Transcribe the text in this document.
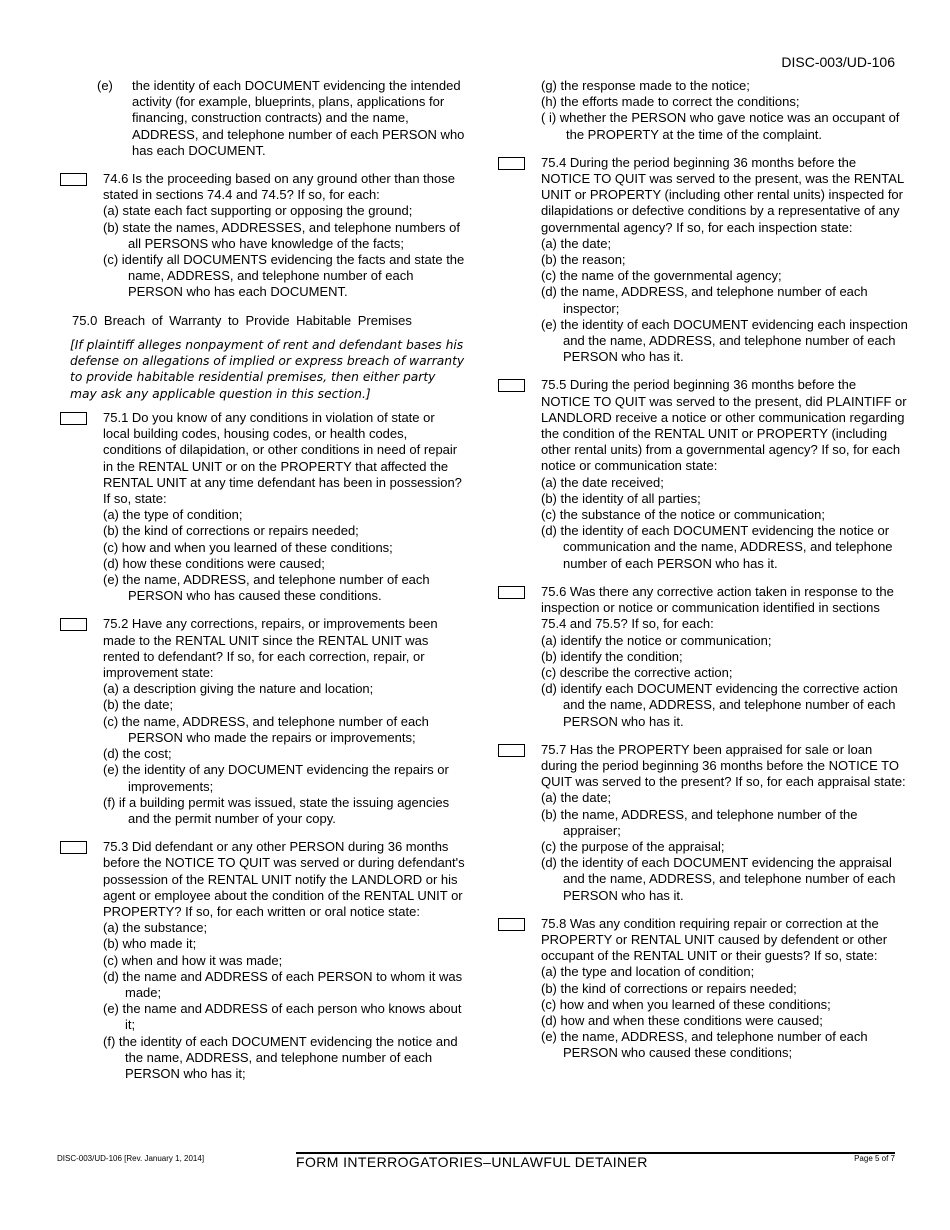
DISC-003/UD-106

(e) the identity of each DOCUMENT evidencing the intended activity (for example, blueprints, plans, applications for financing, construction contracts) and the name, ADDRESS, and telephone number of each PERSON who has each DOCUMENT.

74.6 Is the proceeding based on any ground other than those stated in sections 74.4 and 74.5? If so, for each:

(a) state each fact supporting or opposing the ground;

(b) state the names, ADDRESSES, and telephone numbers of all PERSONS who have knowledge of the facts;

(c) identify all DOCUMENTS evidencing the facts and state the name, ADDRESS, and telephone number of each PERSON who has each DOCUMENT.

75.0 Breach of Warranty to Provide Habitable Premises

[If plaintiff alleges nonpayment of rent and defendant bases his defense on allegations of implied or express breach of warranty to provide habitable residential premises, then either party may ask any applicable question in this section.]

75.1 Do you know of any conditions in violation of state or local building codes, housing codes, or health codes, conditions of dilapidation, or other conditions in need of repair in the RENTAL UNIT or on the PROPERTY that affected the RENTAL UNIT at any time defendant has been in possession? If so, state:

(a) the type of condition;

(b) the kind of corrections or repairs needed;

(c) how and when you learned of these conditions;

(d) how these conditions were caused;

(e) the name, ADDRESS, and telephone number of each PERSON who has caused these conditions.

75.2 Have any corrections, repairs, or improvements been made to the RENTAL UNIT since the RENTAL UNIT was rented to defendant? If so, for each correction, repair, or improvement state:

(a) a description giving the nature and location;

(b) the date;

(c) the name, ADDRESS, and telephone number of each PERSON who made the repairs or improvements;

(d) the cost;

(e) the identity of any DOCUMENT evidencing the repairs or improvements;

(f) if a building permit was issued, state the issuing agencies and the permit number of your copy.

75.3 Did defendant or any other PERSON during 36 months before the NOTICE TO QUIT was served or during defendant's possession of the RENTAL UNIT notify the LANDLORD or his agent or employee about the condition of the RENTAL UNIT or PROPERTY? If so, for each written or oral notice state:

(a) the substance;

(b) who made it;

(c) when and how it was made;

(d) the name and ADDRESS of each PERSON to whom it was made;

(e) the name and ADDRESS of each person who knows about it;

(f) the identity of each DOCUMENT evidencing the notice and the name, ADDRESS, and telephone number of each PERSON who has it;

(g) the response made to the notice;

(h) the efforts made to correct the conditions;

( i) whether the PERSON who gave notice was an occupant of the PROPERTY at the time of the complaint.

75.4 During the period beginning 36 months before the NOTICE TO QUIT was served to the present, was the RENTAL UNIT or PROPERTY (including other rental units) inspected for dilapidations or defective conditions by a representative of any governmental agency? If so, for each inspection state:

(a) the date;

(b) the reason;

(c) the name of the governmental agency;

(d) the name, ADDRESS, and telephone number of each inspector;

(e) the identity of each DOCUMENT evidencing each inspection and the name, ADDRESS, and telephone number of each PERSON who has it.

75.5 During the period beginning 36 months before the NOTICE TO QUIT was served to the present, did PLAINTIFF or LANDLORD receive a notice or other communication regarding the condition of the RENTAL UNIT or PROPERTY (including other rental units) from a governmental agency? If so, for each notice or communication state:

(a) the date received;

(b) the identity of all parties;

(c) the substance of the notice or communication;

(d) the identity of each DOCUMENT evidencing the notice or communication and the name, ADDRESS, and telephone number of each PERSON who has it.

75.6 Was there any corrective action taken in response to the inspection or notice or communication identified in sections 75.4 and 75.5? If so, for each:

(a) identify the notice or communication;

(b) identify the condition;

(c) describe the corrective action;

(d) identify each DOCUMENT evidencing the corrective action and the name, ADDRESS, and telephone number of each PERSON who has it.

75.7 Has the PROPERTY been appraised for sale or loan during the period beginning 36 months before the NOTICE TO QUIT was served to the present? If so, for each appraisal state:

(a) the date;

(b) the name, ADDRESS, and telephone number of the appraiser;

(c) the purpose of the appraisal;

(d) the identity of each DOCUMENT evidencing the appraisal and the name, ADDRESS, and telephone number of each PERSON who has it.

75.8 Was any condition requiring repair or correction at the PROPERTY or RENTAL UNIT caused by defendent or other occupant of the RENTAL UNIT or their guests? If so, state:

(a) the type and location of condition;

(b) the kind of corrections or repairs needed;

(c) how and when you learned of these conditions;

(d) how and when these conditions were caused;

(e) the name, ADDRESS, and telephone number of each PERSON who caused these conditions;

DISC-003/UD-106 [Rev. January 1, 2014]	FORM INTERROGATORIES–UNLAWFUL DETAINER	Page 5 of 7
